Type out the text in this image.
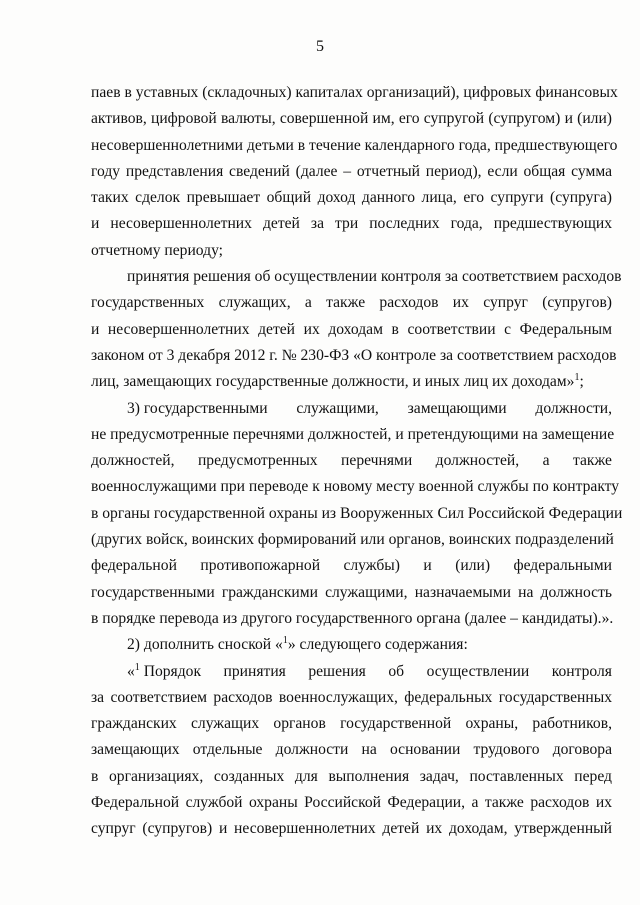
5
паев в уставных (складочных) капиталах организаций), цифровых финансовых
активов, цифровой валюты, совершенной им, его супругой (супругом) и (или)
несовершеннолетними детьми в течение календарного года, предшествующего
году представления сведений (далее – отчетный период), если общая сумма
таких сделок превышает общий доход данного лица, его супруги (супруга)
и несовершеннолетних детей за три последних года, предшествующих
отчетному периоду;
принятия решения об осуществлении контроля за соответствием расходов
государственных служащих, а также расходов их супруг (супругов)
и несовершеннолетних детей их доходам в соответствии с Федеральным
законом от 3 декабря 2012 г. № 230-ФЗ «О контроле за соответствием расходов
лиц, замещающих государственные должности, и иных лиц их доходам»$^1$;
3) государственными служащими, замещающими должности,
не предусмотренные перечнями должностей, и претендующими на замещение
должностей, предусмотренных перечнями должностей, а также
военнослужащими при переводе к новому месту военной службы по контракту
в органы государственной охраны из Вооруженных Сил Российской Федерации
(других войск, воинских формирований или органов, воинских подразделений
федеральной противопожарной службы) и (или) федеральными
государственными гражданскими служащими, назначаемыми на должность
в порядке перевода из другого государственного органа (далее – кандидаты).».
2) дополнить сноской «$^1$» следующего содержания:
«$^1$ Порядок принятия решения об осуществлении контроля
за соответствием расходов военнослужащих, федеральных государственных
гражданских служащих органов государственной охраны, работников,
замещающих отдельные должности на основании трудового договора
в организациях, созданных для выполнения задач, поставленных перед
Федеральной службой охраны Российской Федерации, а также расходов их
супруг (супругов) и несовершеннолетних детей их доходам, утвержденный
